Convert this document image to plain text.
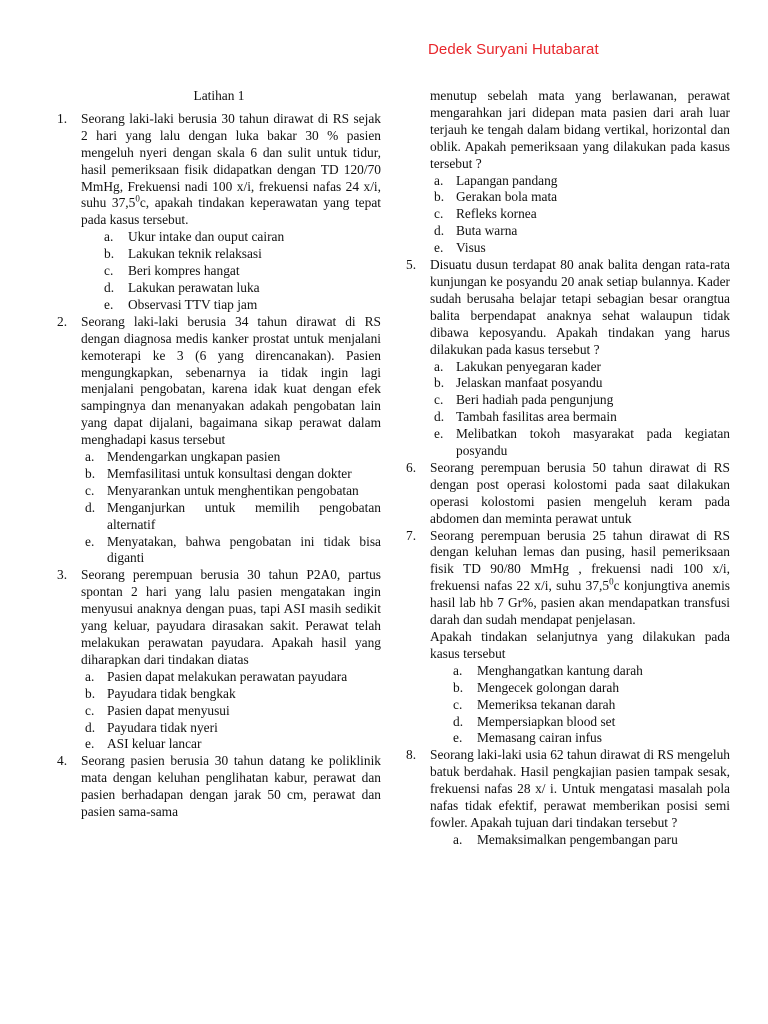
Dedek Suryani Hutabarat

Latihan 1

1. Seorang laki-laki berusia 30 tahun dirawat di RS sejak 2 hari yang lalu dengan luka bakar 30 % pasien mengeluh nyeri dengan skala 6 dan sulit untuk tidur, hasil pemeriksaan fisik didapatkan dengan TD 120/70 MmHg, Frekuensi nadi 100 x/i, frekuensi nafas 24 x/i, suhu 37,5$^0$c, apakah tindakan keperawatan yang tepat pada kasus tersebut.

a. Ukur intake dan ouput cairan
b. Lakukan teknik relaksasi
c. Beri kompres hangat
d. Lakukan perawatan luka
e. Observasi TTV tiap jam
2. Seorang laki-laki berusia 34 tahun dirawat di RS dengan diagnosa medis kanker prostat untuk menjalani kemoterapi ke 3 (6 yang direncanakan). Pasien mengungkapkan, sebenarnya ia tidak ingin lagi menjalani pengobatan, karena idak kuat dengan efek sampingnya dan menanyakan adakah pengobatan lain yang dapat dijalani, bagaimana sikap perawat dalam menghadapi kasus tersebut

a. Mendengarkan ungkapan pasien
b. Memfasilitasi untuk konsultasi dengan dokter
c. Menyarankan untuk menghentikan pengobatan
d. Menganjurkan untuk memilih pengobatan alternatif
e. Menyatakan, bahwa pengobatan ini tidak bisa diganti
3. Seorang perempuan berusia 30 tahun P2A0, partus spontan 2 hari yang lalu pasien mengatakan ingin menyusui anaknya dengan puas, tapi ASI masih sedikit yang keluar, payudara dirasakan sakit. Perawat telah melakukan perawatan payudara. Apakah hasil yang diharapkan dari tindakan diatas

a. Pasien dapat melakukan perawatan payudara
b. Payudara tidak bengkak
c. Pasien dapat menyusui
d. Payudara tidak nyeri
e. ASI keluar lancar
4. Seorang pasien berusia 30 tahun datang ke poliklinik mata dengan keluhan penglihatan kabur, perawat dan pasien berhadapan dengan jarak 50 cm, perawat dan pasien sama-sama

menutup sebelah mata yang berlawanan, perawat mengarahkan jari didepan mata pasien dari arah luar terjauh ke tengah dalam bidang vertikal, horizontal dan oblik. Apakah pemeriksaan yang dilakukan pada kasus tersebut ?

a. Lapangan pandang
b. Gerakan bola mata
c. Refleks kornea
d. Buta warna
e. Visus
5. Disuatu dusun terdapat 80 anak balita dengan rata-rata kunjungan ke posyandu 20 anak setiap bulannya. Kader sudah berusaha belajar tetapi sebagian besar orangtua balita berpendapat anaknya sehat walaupun tidak dibawa keposyandu. Apakah tindakan yang harus dilakukan pada kasus tersebut ?

a. Lakukan penyegaran kader
b. Jelaskan manfaat posyandu
c. Beri hadiah pada pengunjung
d. Tambah fasilitas area bermain
e. Melibatkan tokoh masyarakat pada kegiatan posyandu
6. Seorang perempuan berusia 50 tahun dirawat di RS dengan post operasi kolostomi pada saat dilakukan operasi kolostomi pasien mengeluh keram pada abdomen dan meminta perawat untuk

7. Seorang perempuan berusia 25 tahun dirawat di RS dengan keluhan lemas dan pusing, hasil pemeriksaan fisik TD 90/80 MmHg , frekuensi nadi 100 x/i, frekuensi nafas 22 x/i, suhu 37,5$^0$c konjungtiva anemis hasil lab hb 7 Gr%, pasien akan mendapatkan transfusi darah dan sudah mendapat penjelasan.

Apakah tindakan selanjutnya yang dilakukan pada kasus tersebut

a. Menghangatkan kantung darah
b. Mengecek golongan darah
c. Memeriksa tekanan darah
d. Mempersiapkan blood set
e. Memasang cairan infus
8. Seorang laki-laki usia 62 tahun dirawat di RS mengeluh batuk berdahak. Hasil pengkajian pasien tampak sesak, frekuensi nafas 28 x/ i. Untuk mengatasi masalah pola nafas tidak efektif, perawat memberikan posisi semi fowler. Apakah tujuan dari tindakan tersebut ?

a. Memaksimalkan pengembangan paru
